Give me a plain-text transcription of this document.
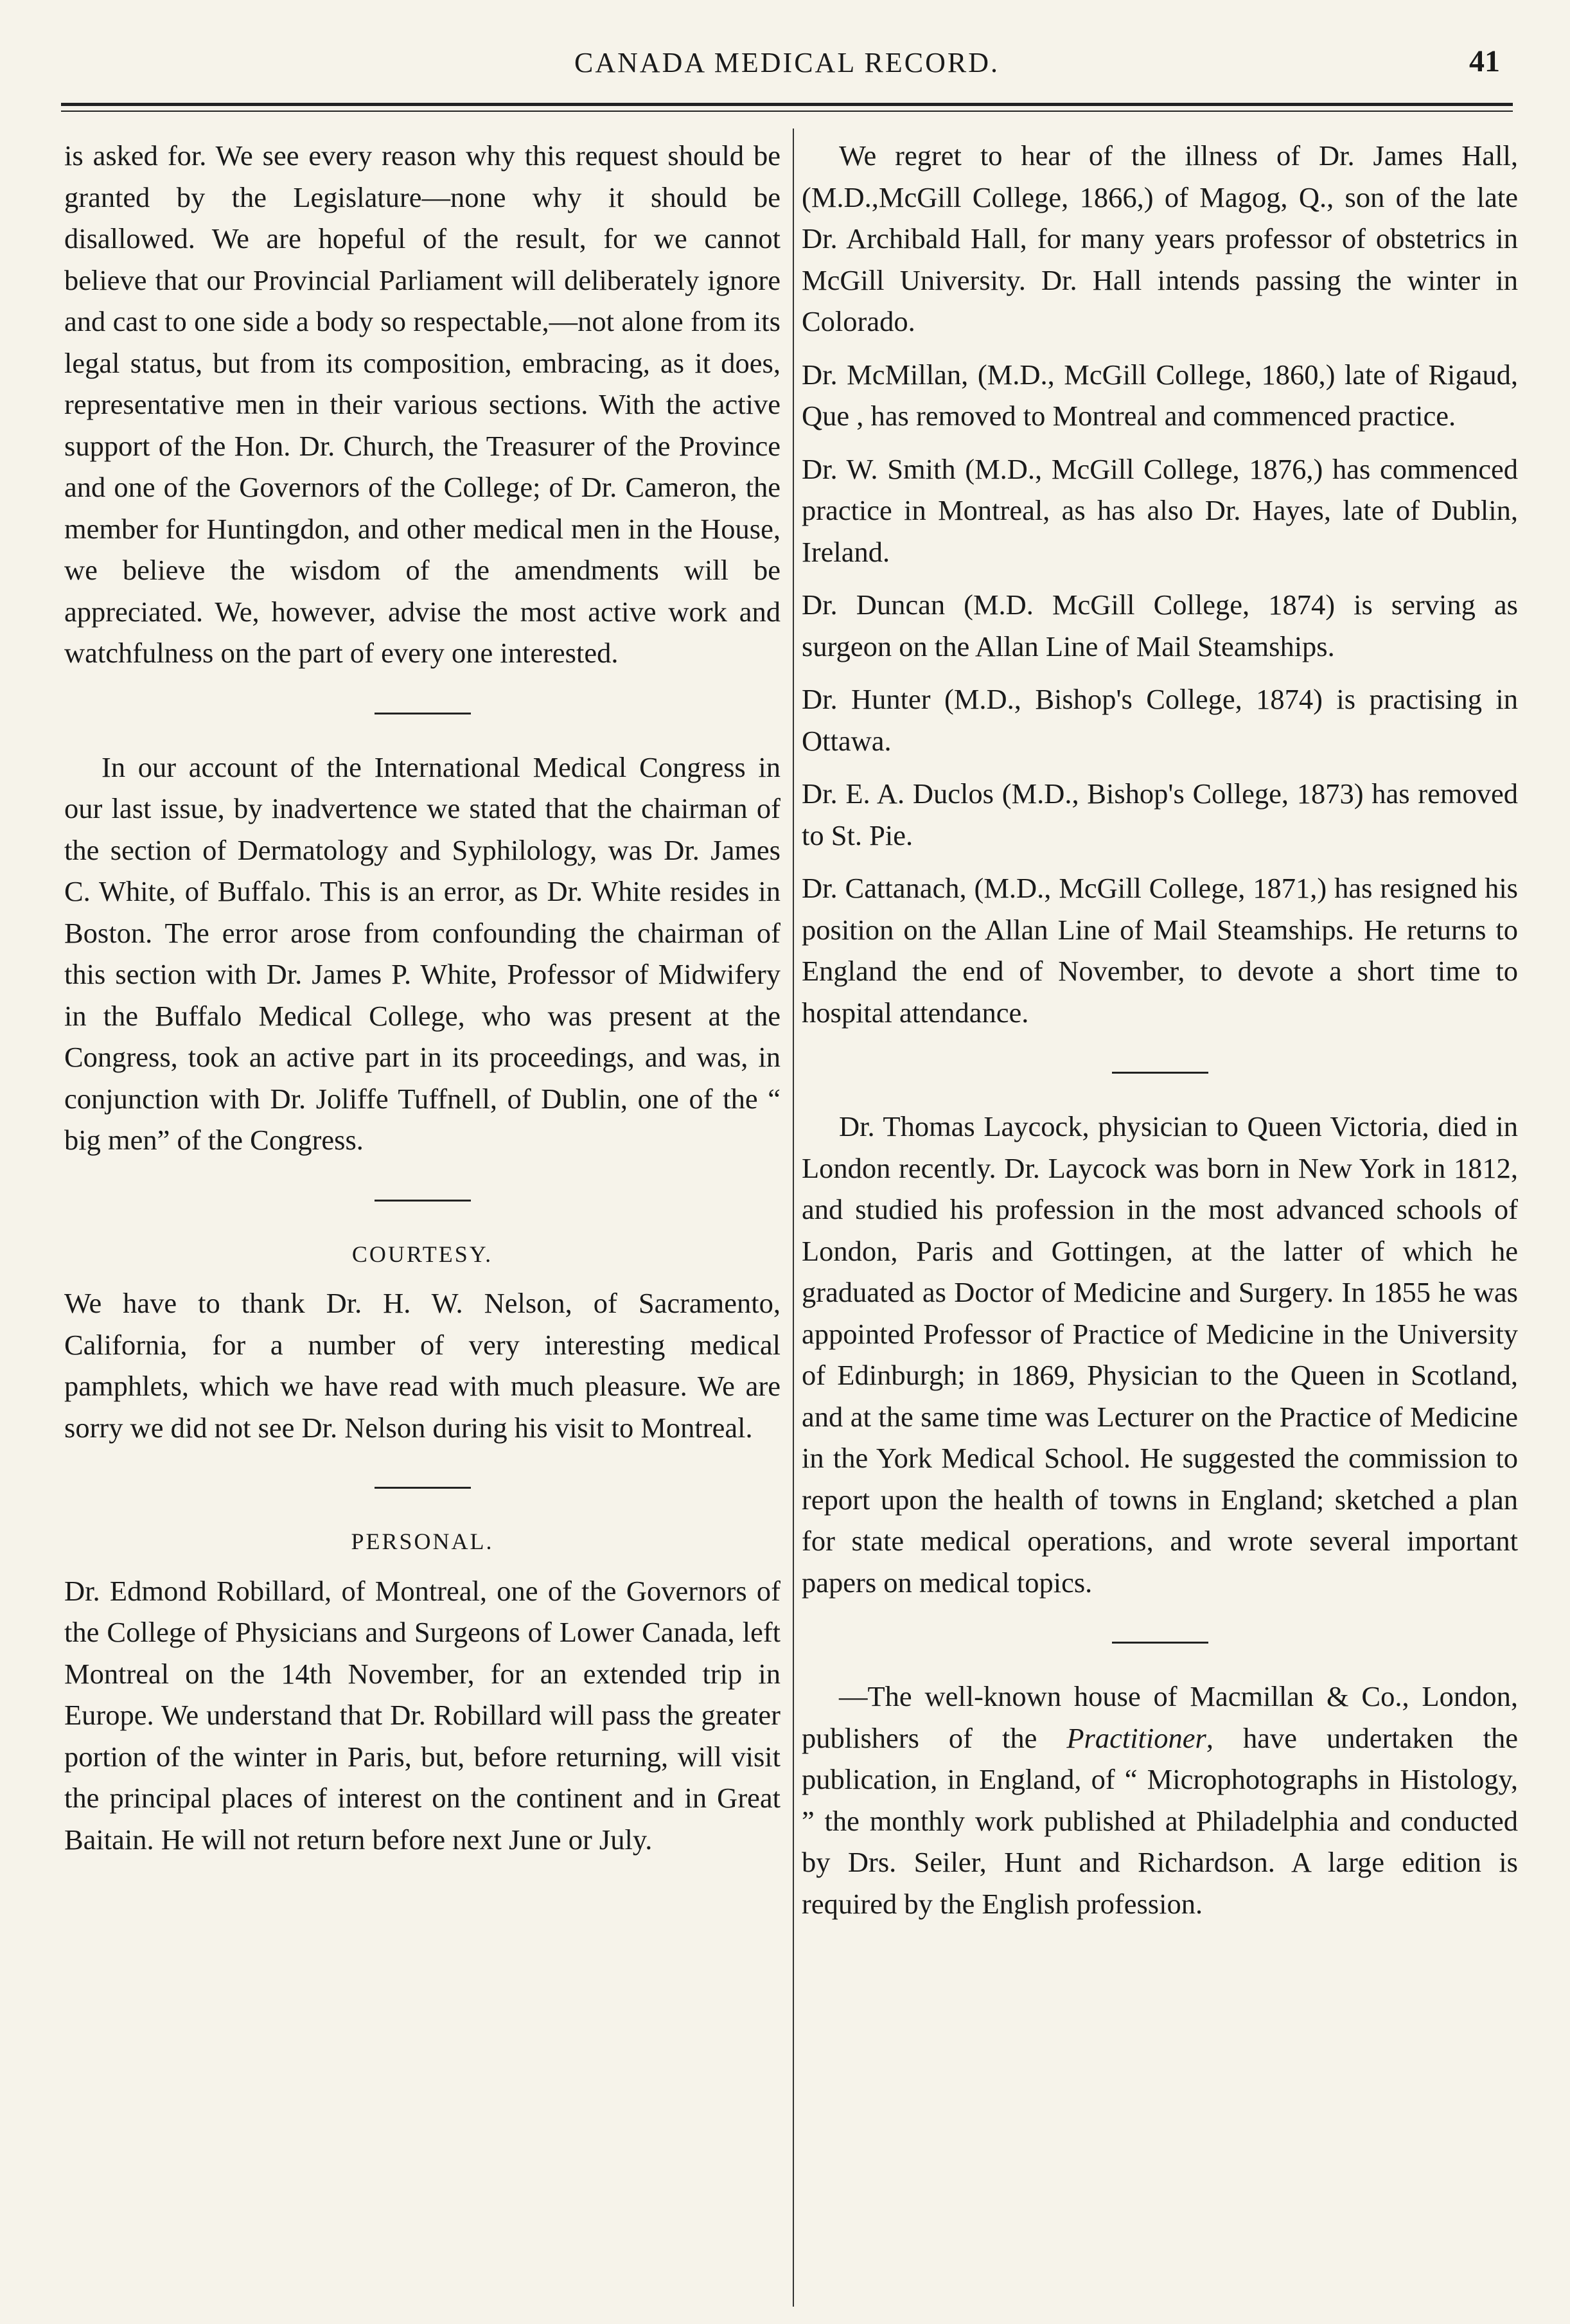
CANADA MEDICAL RECORD.	41

is asked for. We see every reason why this request should be granted by the Legislature—none why it should be disallowed. We are hopeful of the result, for we cannot believe that our Provincial Parliament will deliberately ignore and cast to one side a body so respectable,—not alone from its legal status, but from its composition, embracing, as it does, representative men in their various sections. With the active support of the Hon. Dr. Church, the Treasurer of the Province and one of the Governors of the College; of Dr. Cameron, the member for Huntingdon, and other medical men in the House, we believe the wisdom of the amendments will be appreciated. We, however, advise the most active work and watchfulness on the part of every one interested.

In our account of the International Medical Congress in our last issue, by inadvertence we stated that the chairman of the section of Dermatology and Syphilology, was Dr. James C. White, of Buffalo. This is an error, as Dr. White resides in Boston. The error arose from confounding the chairman of this section with Dr. James P. White, Professor of Midwifery in the Buffalo Medical College, who was present at the Congress, took an active part in its proceedings, and was, in conjunction with Dr. Joliffe Tuffnell, of Dublin, one of the “ big men” of the Congress.

COURTESY.

We have to thank Dr. H. W. Nelson, of Sacramento, California, for a number of very interesting medical pamphlets, which we have read with much pleasure. We are sorry we did not see Dr. Nelson during his visit to Montreal.

PERSONAL.

Dr. Edmond Robillard, of Montreal, one of the Governors of the College of Physicians and Surgeons of Lower Canada, left Montreal on the 14th November, for an extended trip in Europe. We understand that Dr. Robillard will pass the greater portion of the winter in Paris, but, before returning, will visit the principal places of interest on the continent and in Great Baitain. He will not return before next June or July.

We regret to hear of the illness of Dr. James Hall, (M.D.,McGill College, 1866,) of Magog, Q., son of the late Dr. Archibald Hall, for many years professor of obstetrics in McGill University. Dr. Hall intends passing the winter in Colorado.

Dr. McMillan, (M.D., McGill College, 1860,) late of Rigaud, Que , has removed to Montreal and commenced practice.

Dr. W. Smith (M.D., McGill College, 1876,) has commenced practice in Montreal, as has also Dr. Hayes, late of Dublin, Ireland.

Dr. Duncan (M.D. McGill College, 1874) is serving as surgeon on the Allan Line of Mail Steamships.

Dr. Hunter (M.D., Bishop's College, 1874) is practising in Ottawa.

Dr. E. A. Duclos (M.D., Bishop's College, 1873) has removed to St. Pie.

Dr. Cattanach, (M.D., McGill College, 1871,) has resigned his position on the Allan Line of Mail Steamships. He returns to England the end of November, to devote a short time to hospital attendance.

Dr. Thomas Laycock, physician to Queen Victoria, died in London recently. Dr. Laycock was born in New York in 1812, and studied his profession in the most advanced schools of London, Paris and Gottingen, at the latter of which he graduated as Doctor of Medicine and Surgery. In 1855 he was appointed Professor of Practice of Medicine in the University of Edinburgh; in 1869, Physician to the Queen in Scotland, and at the same time was Lecturer on the Practice of Medicine in the York Medical School. He suggested the commission to report upon the health of towns in England; sketched a plan for state medical operations, and wrote several important papers on medical topics.

—The well-known house of Macmillan & Co., London, publishers of the Practitioner, have undertaken the publication, in England, of “ Microphotographs in Histology, ” the monthly work published at Philadelphia and conducted by Drs. Seiler, Hunt and Richardson. A large edition is required by the English profession.
